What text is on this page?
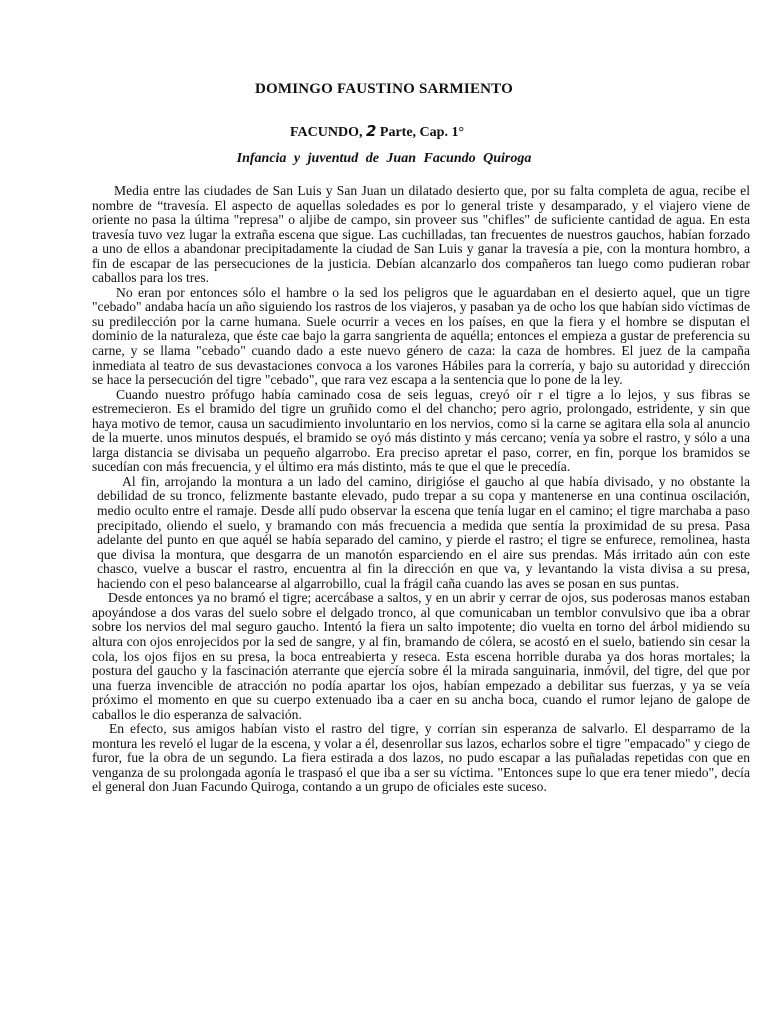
DOMINGO FAUSTINO SARMIENTO
FACUNDO, 2 Parte, Cap. 1°
Infancia y juventud de Juan Facundo Quiroga

Media entre las ciudades de San Luis y San Juan un dilatado desierto que, por su falta completa de agua, recibe el nombre de “travesía. El aspecto de aquellas soledades es por lo general triste y desamparado, y el viajero viene de oriente no pasa la última "represa" o aljibe de campo, sin proveer sus "chifles" de suficiente cantidad de agua. En esta travesía tuvo vez lugar la extraña escena que sigue. Las cuchilladas, tan frecuentes de nuestros gauchos, habían forzado a uno de ellos a abandonar precipitadamente la ciudad de San Luis y ganar la travesía a pie, con la montura hombro, a fin de escapar de las persecuciones de la justicia. Debían alcanzarlo dos compañeros tan luego como pudieran robar caballos para los tres.

No eran por entonces sólo el hambre o la sed los peligros que le aguardaban en el desierto aquel, que un tigre "cebado" andaba hacía un año siguiendo los rastros de los viajeros, y pasaban ya de ocho los que habían sido víctimas de su predilección por la carne humana. Suele ocurrir a veces en los países, en que la fiera y el hombre se disputan el dominio de la naturaleza, que éste cae bajo la garra sangrienta de aquélla; entonces el empieza a gustar de preferencia su carne, y se llama "cebado" cuando dado a este nuevo género de caza: la caza de hombres. El juez de la campaña inmediata al teatro de sus devastaciones convoca a los varones Hábiles para la correría, y bajo su autoridad y dirección se hace la persecución del tigre "cebado", que rara vez escapa a la sentencia que lo pone de la ley.

Cuando nuestro prófugo había caminado cosa de seis leguas, creyó oír r el tigre a lo lejos, y sus fibras se estremecieron. Es el bramido del tigre un gruñido como el del chancho; pero agrio, prolongado, estridente, y sin que haya motivo de temor, causa un sacudimiento involuntario en los nervios, como si la carne se agitara ella sola al anuncio de la muerte. unos minutos después, el bramido se oyó más distinto y más cercano; venía ya sobre el rastro, y sólo a una larga distancia se divisaba un pequeño algarrobo. Era preciso apretar el paso, correr, en fin, porque los bramidos se sucedían con más frecuencia, y el último era más distinto, más te que el que le precedía.

Al fin, arrojando la montura a un lado del camino, dirigióse el gaucho al que había divisado, y no obstante la debilidad de su tronco, felizmente bastante elevado, pudo trepar a su copa y mantenerse en una continua oscilación, medio oculto entre el ramaje. Desde allí pudo observar la escena que tenía lugar en el camino; el tigre marchaba a paso precipitado, oliendo el suelo, y bramando con más frecuencia a medida que sentía la proximidad de su presa. Pasa adelante del punto en que aquél se había separado del camino, y pierde el rastro; el tigre se enfurece, remolinea, hasta que divisa la montura, que desgarra de un manotón esparciendo en el aire sus prendas. Más irritado aún con este chasco, vuelve a buscar el rastro, encuentra al fin la dirección en que va, y levantando la vista divisa a su presa, haciendo con el peso balancearse al algarrobillo, cual la frágil caña cuando las aves se posan en sus puntas.

Desde entonces ya no bramó el tigre; acercábase a saltos, y en un abrir y cerrar de ojos, sus poderosas manos estaban apoyándose a dos varas del suelo sobre el delgado tronco, al que comunicaban un temblor convulsivo que iba a obrar sobre los nervios del mal seguro gaucho. Intentó la fiera un salto impotente; dio vuelta en torno del árbol midiendo su altura con ojos enrojecidos por la sed de sangre, y al fin, bramando de cólera, se acostó en el suelo, batiendo sin cesar la cola, los ojos fijos en su presa, la boca entreabierta y reseca. Esta escena horrible duraba ya dos horas mortales; la postura del gaucho y la fascinación aterrante que ejercía sobre él la mirada sanguinaria, inmóvil, del tigre, del que por una fuerza invencible de atracción no podía apartar los ojos, habían empezado a debilitar sus fuerzas, y ya se veía próximo el momento en que su cuerpo extenuado iba a caer en su ancha boca, cuando el rumor lejano de galope de caballos le dio esperanza de salvación.

En efecto, sus amigos habían visto el rastro del tigre, y corrían sin esperanza de salvarlo. El desparramo de la montura les reveló el lugar de la escena, y volar a él, desenrollar sus lazos, echarlos sobre el tigre "empacado" y ciego de furor, fue la obra de un segundo. La fiera estirada a dos lazos, no pudo escapar a las puñaladas repetidas con que en venganza de su prolongada agonía le traspasó el que iba a ser su víctima. "Entonces supe lo que era tener miedo", decía el general don Juan Facundo Quiroga, contando a un grupo de oficiales este suceso.
